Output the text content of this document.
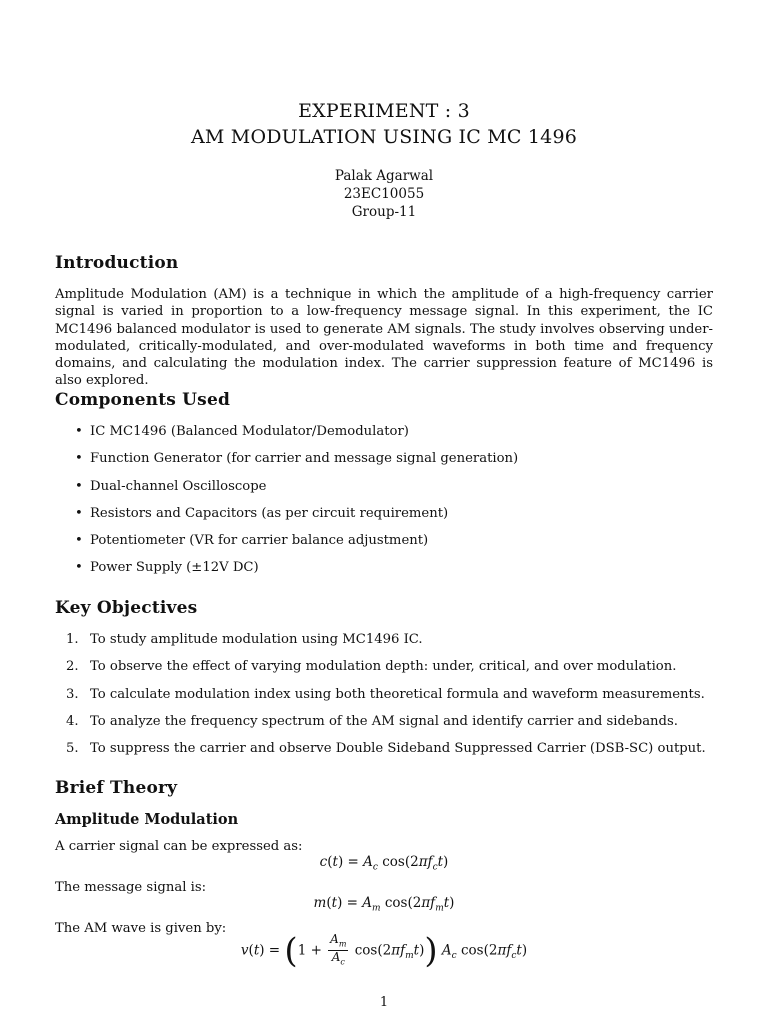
EXPERIMENT : 3
AM MODULATION USING IC MC 1496
Palak Agarwal
23EC10055
Group-11
Introduction

Amplitude Modulation (AM) is a technique in which the amplitude of a high-frequency carrier signal is varied in proportion to a low-frequency message signal. In this experiment, the IC MC1496 balanced modulator is used to generate AM signals. The study involves observing under-modulated, critically-modulated, and over-modulated waveforms in both time and frequency domains, and calculating the modulation index. The carrier suppression feature of MC1496 is also explored.

Components Used
• IC MC1496 (Balanced Modulator/Demodulator)
• Function Generator (for carrier and message signal generation)
• Dual-channel Oscilloscope
• Resistors and Capacitors (as per circuit requirement)
• Potentiometer (VR for carrier balance adjustment)
• Power Supply (±12V DC)
Key Objectives
1. To study amplitude modulation using MC1496 IC.
2. To observe the effect of varying modulation depth: under, critical, and over modulation.
3. To calculate modulation index using both theoretical formula and waveform measurements.
4. To analyze the frequency spectrum of the AM signal and identify carrier and sidebands.
5. To suppress the carrier and observe Double Sideband Suppressed Carrier (DSB-SC) output.
Brief Theory
Amplitude Modulation

A carrier signal can be expressed as:

$c(t) = A_c$ $\cos(2\pi f_ct)$

The message signal is:

$m(t) = A_m$ $\cos(2\pi f_mt)$

The AM wave is given by:

$v(t) = (1 + \frac{A_m}{A_c} \cos(2\pi f_mt))$ $A_c$ $\cos(2\pi f_ct)$
1
